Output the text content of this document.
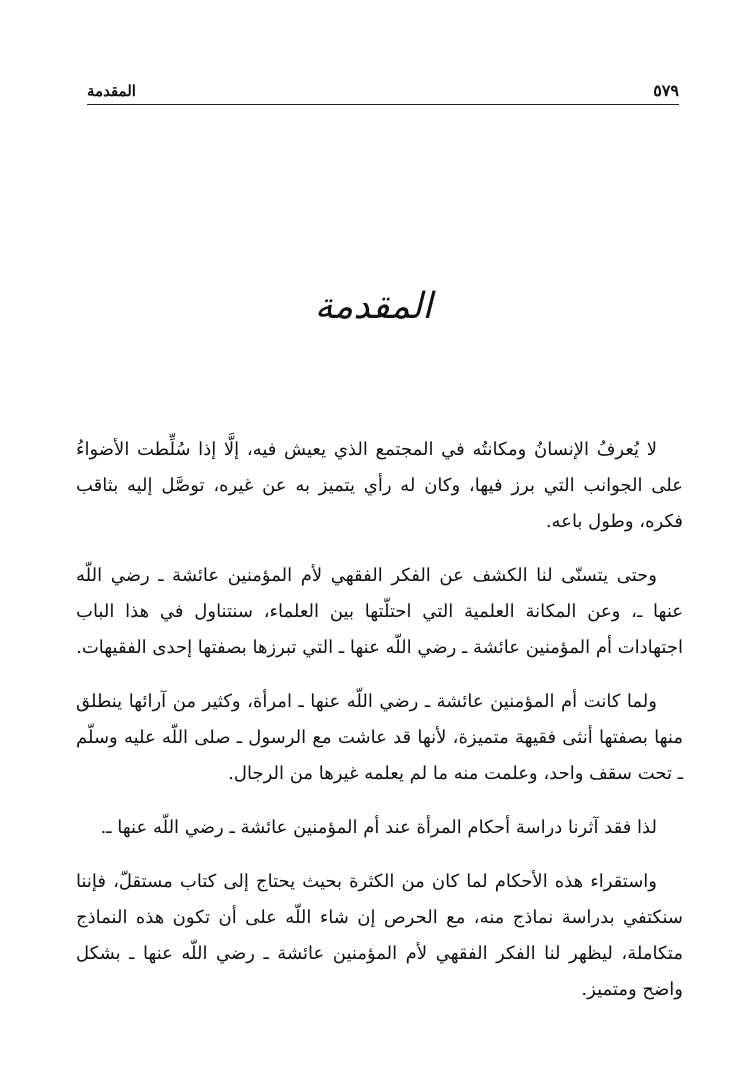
٥٧٩
المقدمة
المقدمة

لا يُعرفُ الإنسانُ ومكانتُه في المجتمع الذي يعيش فيه، إلَّا إذا سُلِّطت الأضواءُ على الجوانب التي برز فيها، وكان له رأي يتميز به عن غيره، توصَّل إليه بثاقب فكره، وطول باعه.

وحتى يتسنّى لنا الكشف عن الفكر الفقهي لأم المؤمنين عائشة ـ رضي اللّه عنها ـ، وعن المكانة العلمية التي احتلّتها بين العلماء، سنتناول في هذا الباب اجتهادات أم المؤمنين عائشة ـ رضي اللّه عنها ـ التي تبرزها بصفتها إحدى الفقيهات.

ولما كانت أم المؤمنين عائشة ـ رضي اللّه عنها ـ امرأة، وكثير من آرائها ينطلق منها بصفتها أنثى فقيهة متميزة، لأنها قد عاشت مع الرسول ـ صلى اللّه عليه وسلّم ـ تحت سقف واحد، وعلمت منه ما لم يعلمه غيرها من الرجال.

لذا فقد آثرنا دراسة أحكام المرأة عند أم المؤمنين عائشة ـ رضي اللّه عنها ـ.

واستقراء هذه الأحكام لما كان من الكثرة بحيث يحتاج إلى كتاب مستقلّ، فإننا سنكتفي بدراسة نماذج منه، مع الحرص إن شاء اللّه على أن تكون هذه النماذج متكاملة، ليظهر لنا الفكر الفقهي لأم المؤمنين عائشة ـ رضي اللّه عنها ـ بشكل واضح ومتميز.
